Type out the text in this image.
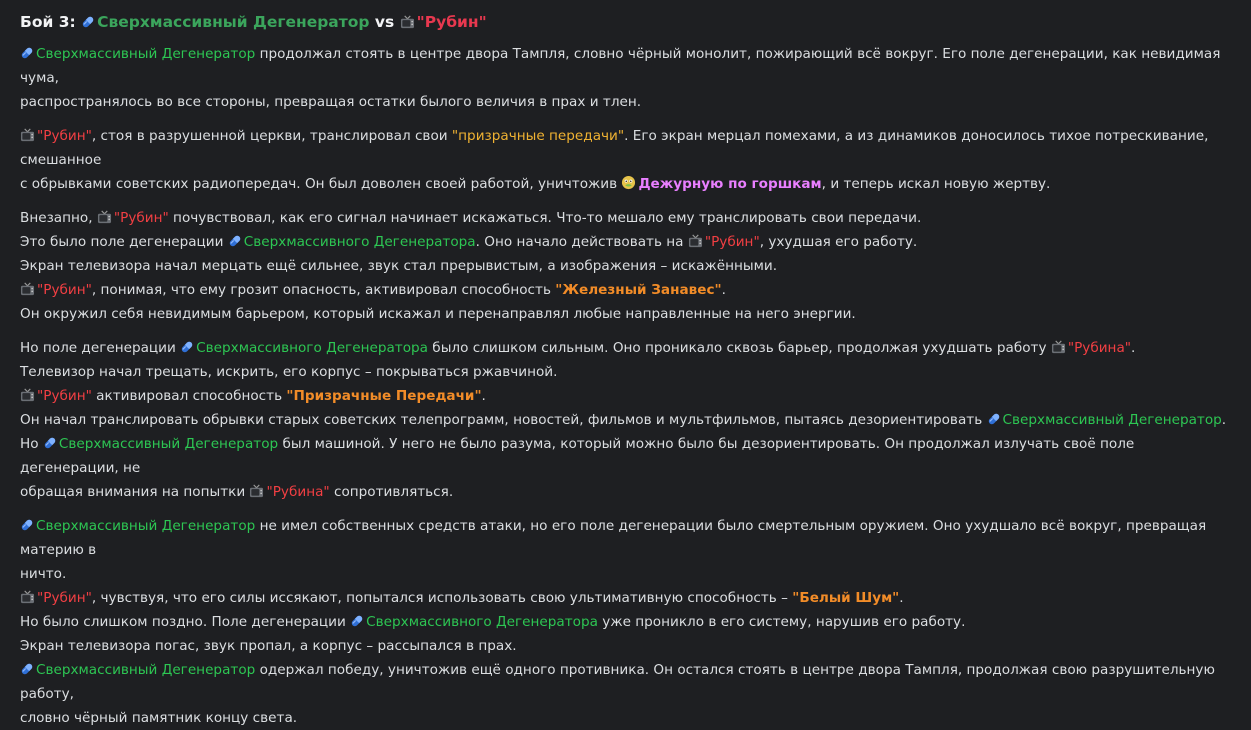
Бой 3: Сверхмассивный Дегенератор vs "Рубин"
Сверхмассивный Дегенератор продолжал стоять в центре двора Тампля, словно чёрный монолит, пожирающий всё вокруг. Его поле дегенерации, как невидимая чума,
распространялось во все стороны, превращая остатки былого величия в прах и тлен.
"Рубин", стоя в разрушенной церкви, транслировал свои "призрачные передачи". Его экран мерцал помехами, а из динамиков доносилось тихое потрескивание, смешанное
с обрывками советских радиопередач. Он был доволен своей работой, уничтожив
Дежурную по горшкам, и теперь искал новую жертву.
Внезапно,
"Рубин" почувствовал, как его сигнал начинает искажаться. Что-то мешало ему транслировать свои передачи.
Это было поле дегенерации
Сверхмассивного Дегенератора. Оно начало действовать на
"Рубин", ухудшая его работу.
Экран телевизора начал мерцать ещё сильнее, звук стал прерывистым, а изображения – искажёнными.
"Рубин", понимая, что ему грозит опасность, активировал способность "Железный Занавес".
Он окружил себя невидимым барьером, который искажал и перенаправлял любые направленные на него энергии.
Но поле дегенерации
Сверхмассивного Дегенератора было слишком сильным. Оно проникало сквозь барьер, продолжая ухудшать работу
"Рубина".
Телевизор начал трещать, искрить, его корпус – покрываться ржавчиной.
"Рубин" активировал способность "Призрачные Передачи".
Он начал транслировать обрывки старых советских телепрограмм, новостей, фильмов и мультфильмов, пытаясь дезориентировать
Сверхмассивный Дегенератор.
Но
Сверхмассивный Дегенератор был машиной. У него не было разума, который можно было бы дезориентировать. Он продолжал излучать своё поле дегенерации, не
обращая внимания на попытки
"Рубина" сопротивляться.
Сверхмассивный Дегенератор не имел собственных средств атаки, но его поле дегенерации было смертельным оружием. Оно ухудшало всё вокруг, превращая материю в
ничто.
"Рубин", чувствуя, что его силы иссякают, попытался использовать свою ультимативную способность – "Белый Шум".
Но было слишком поздно. Поле дегенерации
Сверхмассивного Дегенератора уже проникло в его систему, нарушив его работу.
Экран телевизора погас, звук пропал, а корпус – рассыпался в прах.
Сверхмассивный Дегенератор одержал победу, уничтожив ещё одного противника. Он остался стоять в центре двора Тампля, продолжая свою разрушительную работу,
словно чёрный памятник концу света.
